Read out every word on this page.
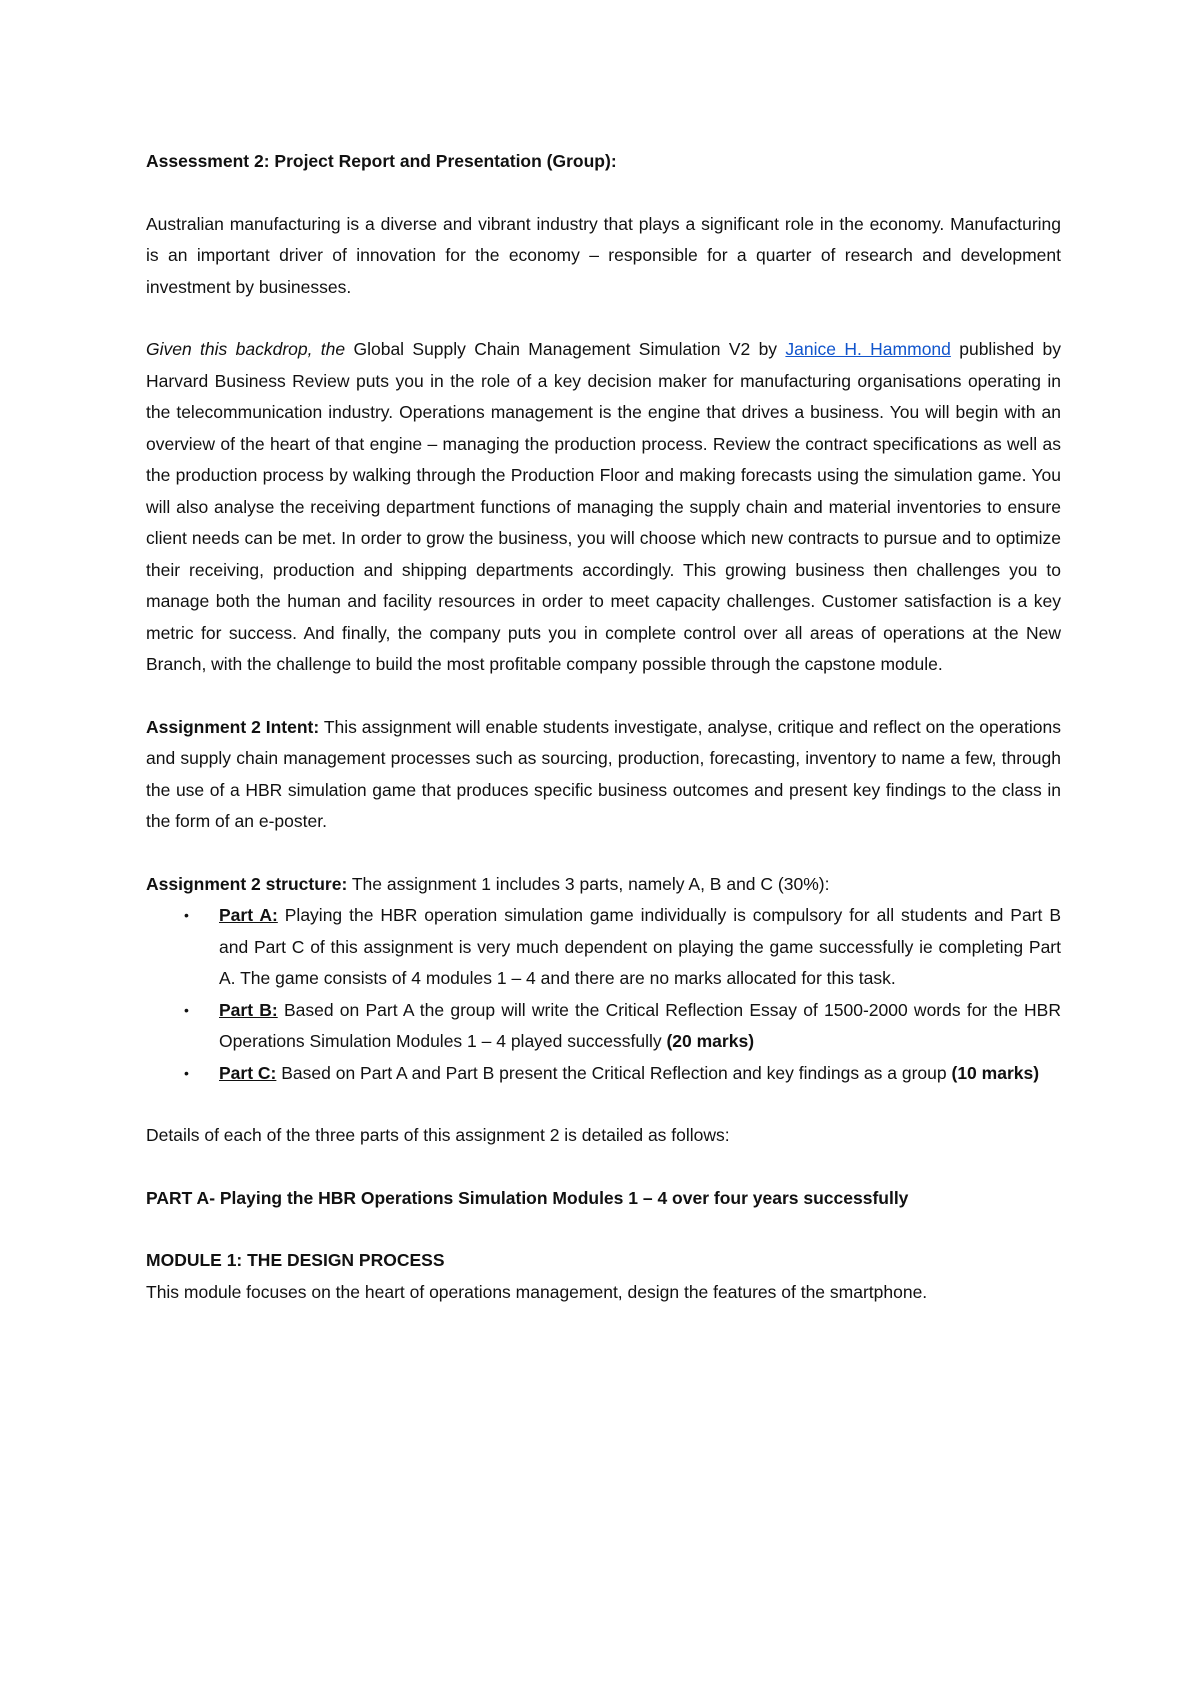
Assessment 2: Project Report and Presentation (Group):

Australian manufacturing is a diverse and vibrant industry that plays a significant role in the economy. Manufacturing is an important driver of innovation for the economy – responsible for a quarter of research and development investment by businesses.

Given this backdrop, the Global Supply Chain Management Simulation V2 by Janice H. Hammond published by Harvard Business Review puts you in the role of a key decision maker for manufacturing organisations operating in the telecommunication industry. Operations management is the engine that drives a business. You will begin with an overview of the heart of that engine – managing the production process. Review the contract specifications as well as the production process by walking through the Production Floor and making forecasts using the simulation game. You will also analyse the receiving department functions of managing the supply chain and material inventories to ensure client needs can be met. In order to grow the business, you will choose which new contracts to pursue and to optimize their receiving, production and shipping departments accordingly. This growing business then challenges you to manage both the human and facility resources in order to meet capacity challenges. Customer satisfaction is a key metric for success. And finally, the company puts you in complete control over all areas of operations at the New Branch, with the challenge to build the most profitable company possible through the capstone module.

Assignment 2 Intent: This assignment will enable students investigate, analyse, critique and reflect on the operations and supply chain management processes such as sourcing, production, forecasting, inventory to name a few, through the use of a HBR simulation game that produces specific business outcomes and present key findings to the class in the form of an e-poster.

Assignment 2 structure: The assignment 1 includes 3 parts, namely A, B and C (30%):

• Part A: Playing the HBR operation simulation game individually is compulsory for all students and Part B and Part C of this assignment is very much dependent on playing the game successfully ie completing Part A. The game consists of 4 modules 1 – 4 and there are no marks allocated for this task.
• Part B: Based on Part A the group will write the Critical Reflection Essay of 1500-2000 words for the HBR Operations Simulation Modules 1 – 4 played successfully (20 marks)
• Part C: Based on Part A and Part B present the Critical Reflection and key findings as a group (10 marks)

Details of each of the three parts of this assignment 2 is detailed as follows:

PART A- Playing the HBR Operations Simulation Modules 1 – 4 over four years successfully

MODULE 1: THE DESIGN PROCESS

This module focuses on the heart of operations management, design the features of the smartphone.
